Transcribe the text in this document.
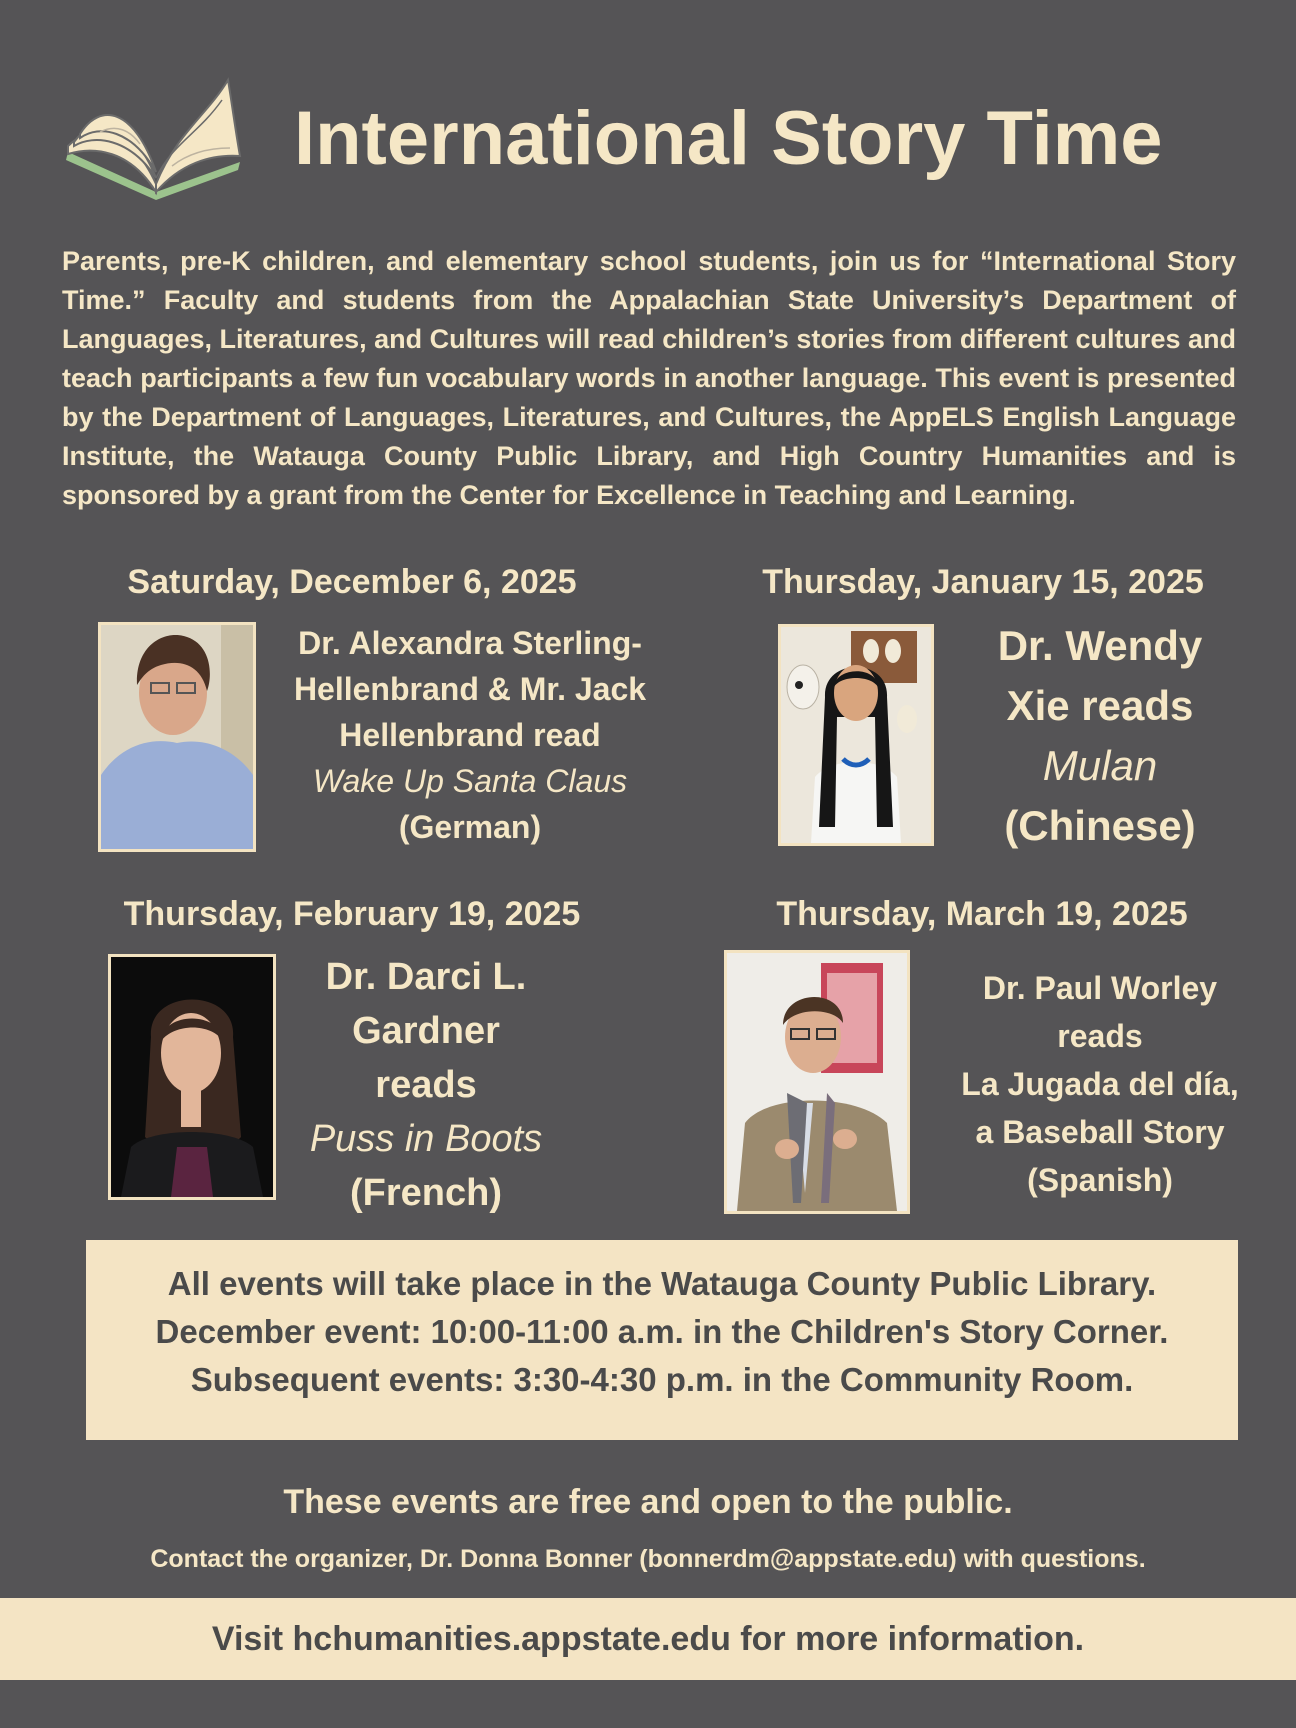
International Story Time
Parents, pre-K children, and elementary school students, join us for “International Story Time.” Faculty and students from the Appalachian State University’s Department of Languages, Literatures, and Cultures will read children’s stories from different cultures and teach participants a few fun vocabulary words in another language. This event is presented by the Department of Languages, Literatures, and Cultures, the AppELS English Language Institute, the Watauga County Public Library, and High Country Humanities and is sponsored by a grant from the Center for Excellence in Teaching and Learning.
Saturday, December 6, 2025
Dr. Alexandra Sterling-
Hellenbrand & Mr. Jack
Hellenbrand read
Wake Up Santa Claus
(German)
Thursday, January 15, 2025
Dr. Wendy
Xie reads
Mulan
(Chinese)
Thursday, February 19, 2025
Dr. Darci L.
Gardner
reads
Puss in Boots
(French)
Thursday, March 19, 2025
Dr. Paul Worley
reads
La Jugada del día,
a Baseball Story
(Spanish)
All events will take place in the Watauga County Public Library.
December event: 10:00-11:00 a.m. in the Children's Story Corner.
Subsequent events: 3:30-4:30 p.m. in the Community Room.
These events are free and open to the public.
Contact the organizer, Dr. Donna Bonner (bonnerdm@appstate.edu) with questions.
Visit hchumanities.appstate.edu for more information.
